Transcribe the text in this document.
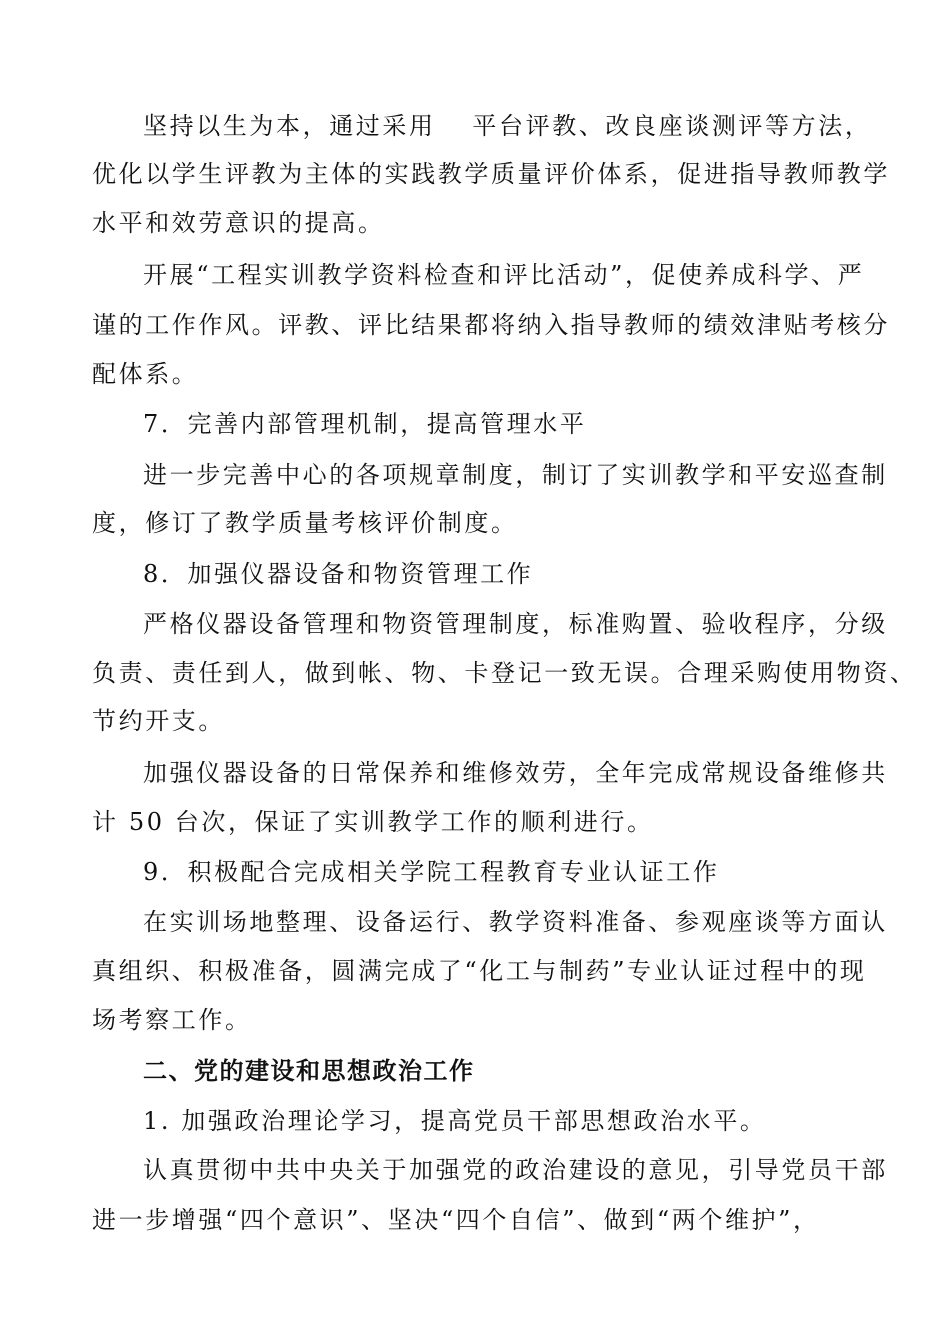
坚持以生为本，通过采用　 平台评教、改良座谈测评等方法，
优化以学生评教为主体的实践教学质量评价体系，促进指导教师教学
水平和效劳意识的提高。
开展“工程实训教学资料检查和评比活动”，促使养成科学、严
谨的工作作风。评教、评比结果都将纳入指导教师的绩效津贴考核分
配体系。
7．完善内部管理机制，提高管理水平
进一步完善中心的各项规章制度，制订了实训教学和平安巡查制
度，修订了教学质量考核评价制度。
8．加强仪器设备和物资管理工作
严格仪器设备管理和物资管理制度，标准购置、验收程序，分级
负责、责任到人，做到帐、物、卡登记一致无误。合理采购使用物资、
节约开支。
加强仪器设备的日常保养和维修效劳，全年完成常规设备维修共
计 50 台次，保证了实训教学工作的顺利进行。
9．积极配合完成相关学院工程教育专业认证工作
在实训场地整理、设备运行、教学资料准备、参观座谈等方面认
真组织、积极准备，圆满完成了“化工与制药”专业认证过程中的现
场考察工作。
二、党的建设和思想政治工作
1. 加强政治理论学习，提高党员干部思想政治水平。
认真贯彻中共中央关于加强党的政治建设的意见，引导党员干部
进一步增强“四个意识”、坚决“四个自信”、做到“两个维护”，
